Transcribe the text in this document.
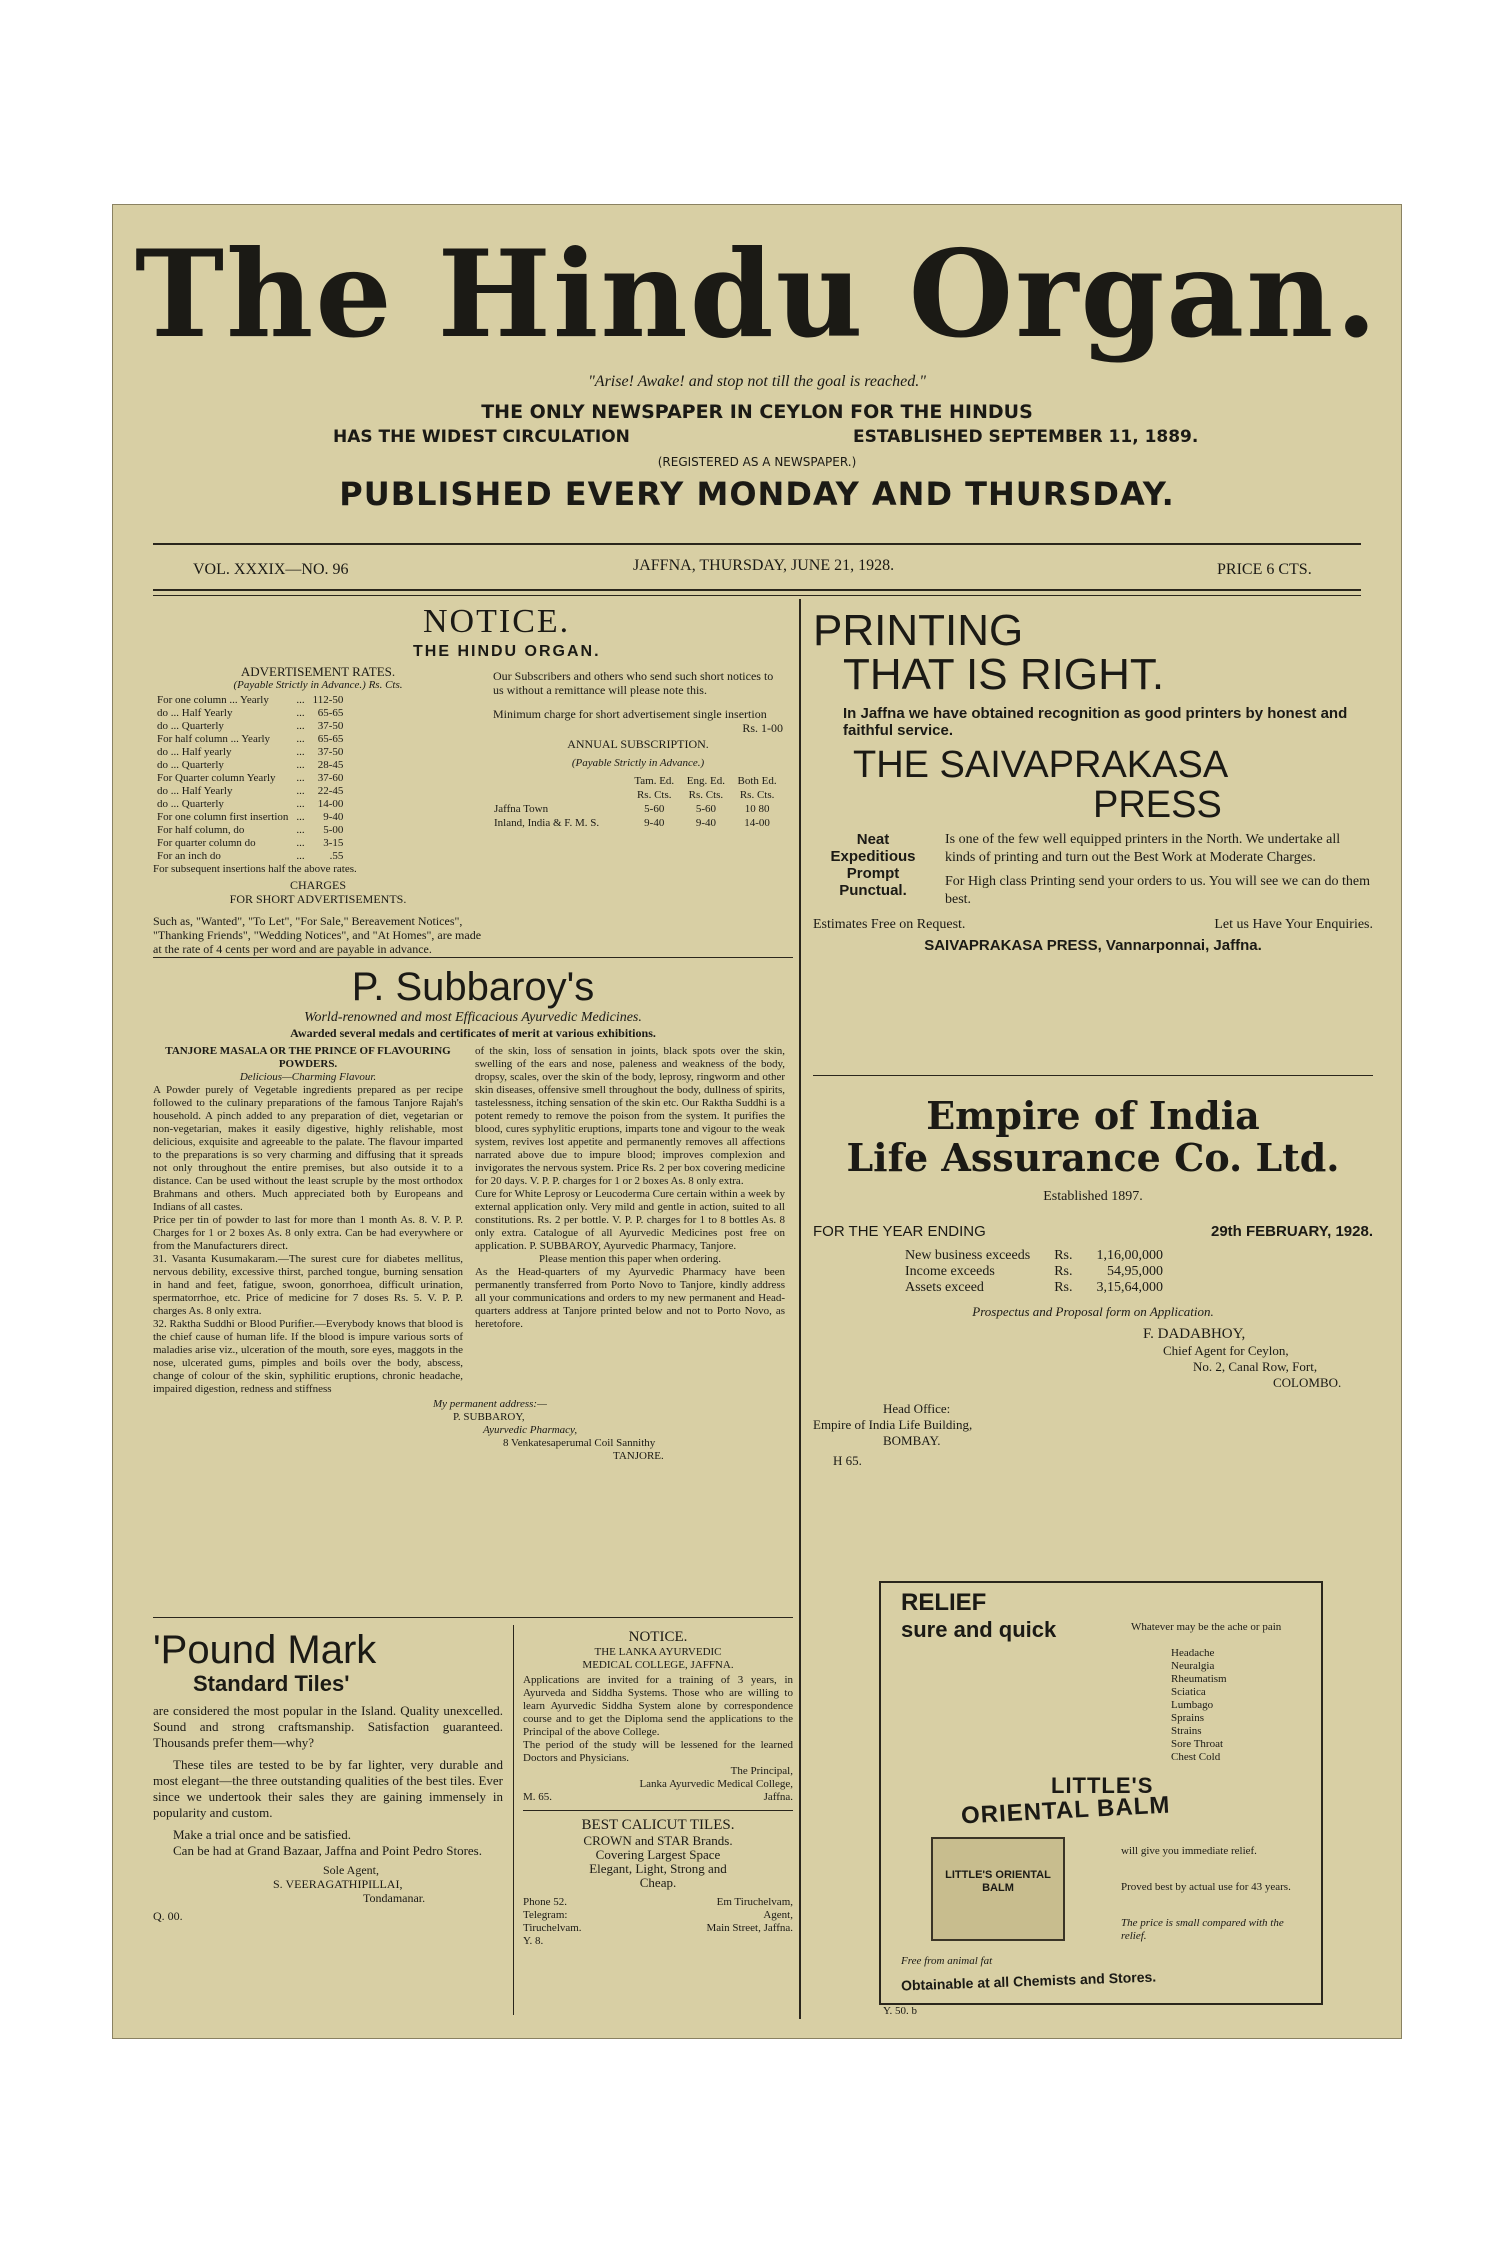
The Hindu Organ.
"Arise! Awake! and stop not till the goal is reached."
THE ONLY NEWSPAPER IN CEYLON FOR THE HINDUS
HAS THE WIDEST CIRCULATION	ESTABLISHED SEPTEMBER 11, 1889.
(REGISTERED AS A NEWSPAPER.)
PUBLISHED EVERY MONDAY AND THURSDAY.
VOL. XXXIX—NO. 96	JAFFNA, THURSDAY, JUNE 21, 1928.	PRICE 6 CTS.
NOTICE.
THE HINDU ORGAN.
ADVERTISEMENT RATES.
(Payable Strictly in Advance.) Rs. Cts.
For one column ... Yearly	...	112-50
do ... Half Yearly	...	65-65
do ... Quarterly	...	37-50
For half column ... Yearly	...	65-65
do ... Half yearly	...	37-50
do ... Quarterly	...	28-45
For Quarter column Yearly	...	37-60
do ... Half Yearly	...	22-45
do ... Quarterly	...	14-00
For one column first insertion	...	9-40
For half column, do	...	5-00
For quarter column do	...	3-15
For an inch do	...	.55
For subsequent insertions half the above rates.
CHARGES
FOR SHORT ADVERTISEMENTS.
Such as, "Wanted", "To Let", "For Sale," Bereavement Notices", "Thanking Friends", "Wedding Notices", and "At Homes", are made at the rate of 4 cents per word and are payable in advance.
Our Subscribers and others who send such short notices to us without a remittance will please note this.
Minimum charge for short advertisement single insertion
Rs. 1-00
ANNUAL SUBSCRIPTION.
(Payable Strictly in Advance.)
	Tam. Ed.	Eng. Ed.	Both Ed.
	Rs. Cts.	Rs. Cts.	Rs. Cts.
Jaffna Town	5-60	5-60	10 80
Inland, India & F. M. S.	9-40	9-40	14-00
P. Subbaroy's
World-renowned and most Efficacious Ayurvedic Medicines.
Awarded several medals and certificates of merit at various exhibitions.
TANJORE MASALA OR THE PRINCE OF FLAVOURING POWDERS.
Delicious—Charming Flavour.
A Powder purely of Vegetable ingredients prepared as per recipe followed to the culinary preparations of the famous Tanjore Rajah's household. A pinch added to any preparation of diet, vegetarian or non-vegetarian, makes it easily digestive, highly relishable, most delicious, exquisite and agreeable to the palate. The flavour imparted to the preparations is so very charming and diffusing that it spreads not only throughout the entire premises, but also outside it to a distance. Can be used without the least scruple by the most orthodox Brahmans and others. Much appreciated both by Europeans and Indians of all castes.
Price per tin of powder to last for more than 1 month As. 8. V. P. P. Charges for 1 or 2 boxes As. 8 only extra. Can be had everywhere or from the Manufacturers direct.
31. Vasanta Kusumakaram.—The surest cure for diabetes mellitus, nervous debility, excessive thirst, parched tongue, burning sensation in hand and feet, fatigue, swoon, gonorrhoea, difficult urination, spermatorrhoe, etc. Price of medicine for 7 doses Rs. 5. V. P. P. charges As. 8 only extra.
32. Raktha Suddhi or Blood Purifier.—Everybody knows that blood is the chief cause of human life. If the blood is impure various sorts of maladies arise viz., ulceration of the mouth, sore eyes, maggots in the nose, ulcerated gums, pimples and boils over the body, abscess, change of colour of the skin, syphilitic eruptions, chronic headache, impaired digestion, redness and stiffness
of the skin, loss of sensation in joints, black spots over the skin, swelling of the ears and nose, paleness and weakness of the body, dropsy, scales, over the skin of the body, leprosy, ringworm and other skin diseases, offensive smell throughout the body, dullness of spirits, tastelessness, itching sensation of the skin etc. Our Raktha Suddhi is a potent remedy to remove the poison from the system. It purifies the blood, cures syphylitic eruptions, imparts tone and vigour to the weak system, revives lost appetite and permanently removes all affections narrated above due to impure blood; improves complexion and invigorates the nervous system. Price Rs. 2 per box covering medicine for 20 days. V. P. P. charges for 1 or 2 boxes As. 8 only extra.
Cure for White Leprosy or Leucoderma Cure certain within a week by external application only. Very mild and gentle in action, suited to all constitutions. Rs. 2 per bottle. V. P. P. charges for 1 to 8 bottles As. 8 only extra. Catalogue of all Ayurvedic Medicines post free on application. P. SUBBAROY, Ayurvedic Pharmacy, Tanjore.
Please mention this paper when ordering.
As the Head-quarters of my Ayurvedic Pharmacy have been permanently transferred from Porto Novo to Tanjore, kindly address all your communications and orders to my new permanent and Head-quarters address at Tanjore printed below and not to Porto Novo, as heretofore.
My permanent address:—
P. SUBBAROY,
Ayurvedic Pharmacy,
8 Venkatesaperumal Coil Sannithy
TANJORE.
'Pound Mark
Standard Tiles'
are considered the most popular in the Island. Quality unexcelled. Sound and strong craftsmanship. Satisfaction guaranteed. Thousands prefer them—why?
These tiles are tested to be by far lighter, very durable and most elegant—the three outstanding qualities of the best tiles. Ever since we undertook their sales they are gaining immensely in popularity and custom.
Make a trial once and be satisfied.
Can be had at Grand Bazaar, Jaffna and Point Pedro Stores.
Sole Agent,
S. VEERAGATHIPILLAI,
Tondamanar.
Q. 00.
NOTICE.
THE LANKA AYURVEDIC
MEDICAL COLLEGE, JAFFNA.
Applications are invited for a training of 3 years, in Ayurveda and Siddha Systems. Those who are willing to learn Ayurvedic Siddha System alone by correspondence course and to get the Diploma send the applications to the Principal of the above College.
The period of the study will be lessened for the learned Doctors and Physicians.
The Principal,
Lanka Ayurvedic Medical College,
M. 65.	Jaffna.
BEST CALICUT TILES.
CROWN and STAR Brands.
Covering Largest Space
Elegant, Light, Strong and
Cheap.
Phone 52.
Telegram:
Tiruchelvam.
Y. 8.
Em Tiruchelvam,
Agent,
Main Street, Jaffna.
PRINTING
THAT IS RIGHT.
In Jaffna we have obtained recognition as good printers by honest and faithful service.
THE SAIVAPRAKASA
PRESS
Neat
Expeditious
Prompt
Punctual.
Is one of the few well equipped printers in the North. We undertake all kinds of printing and turn out the Best Work at Moderate Charges.
For High class Printing send your orders to us. You will see we can do them best.
Estimates Free on Request.	Let us Have Your Enquiries.
SAIVAPRAKASA PRESS, Vannarponnai, Jaffna.
Empire of India
Life Assurance Co. Ltd.
Established 1897.
FOR THE YEAR ENDING	29th FEBRUARY, 1928.
New business exceeds	Rs.	1,16,00,000
Income exceeds	Rs.	54,95,000
Assets exceed	Rs.	3,15,64,000
Prospectus and Proposal form on Application.
F. DADABHOY,
Chief Agent for Ceylon,
No. 2, Canal Row, Fort,
COLOMBO.
Head Office:
Empire of India Life Building,
BOMBAY.
H 65.
RELIEF
sure and quick	Whatever may be the ache or pain
Headache
Neuralgia
Rheumatism
Sciatica
Lumbago
Sprains
Strains
Sore Throat
Chest Cold
LITTLE'S
ORIENTAL BALM
LITTLE'S ORIENTAL BALM
will give you immediate relief.
Proved best by actual use for 43 years.
The price is small compared with the relief.
Free from animal fat
Obtainable at all Chemists and Stores.
Y. 50. b
